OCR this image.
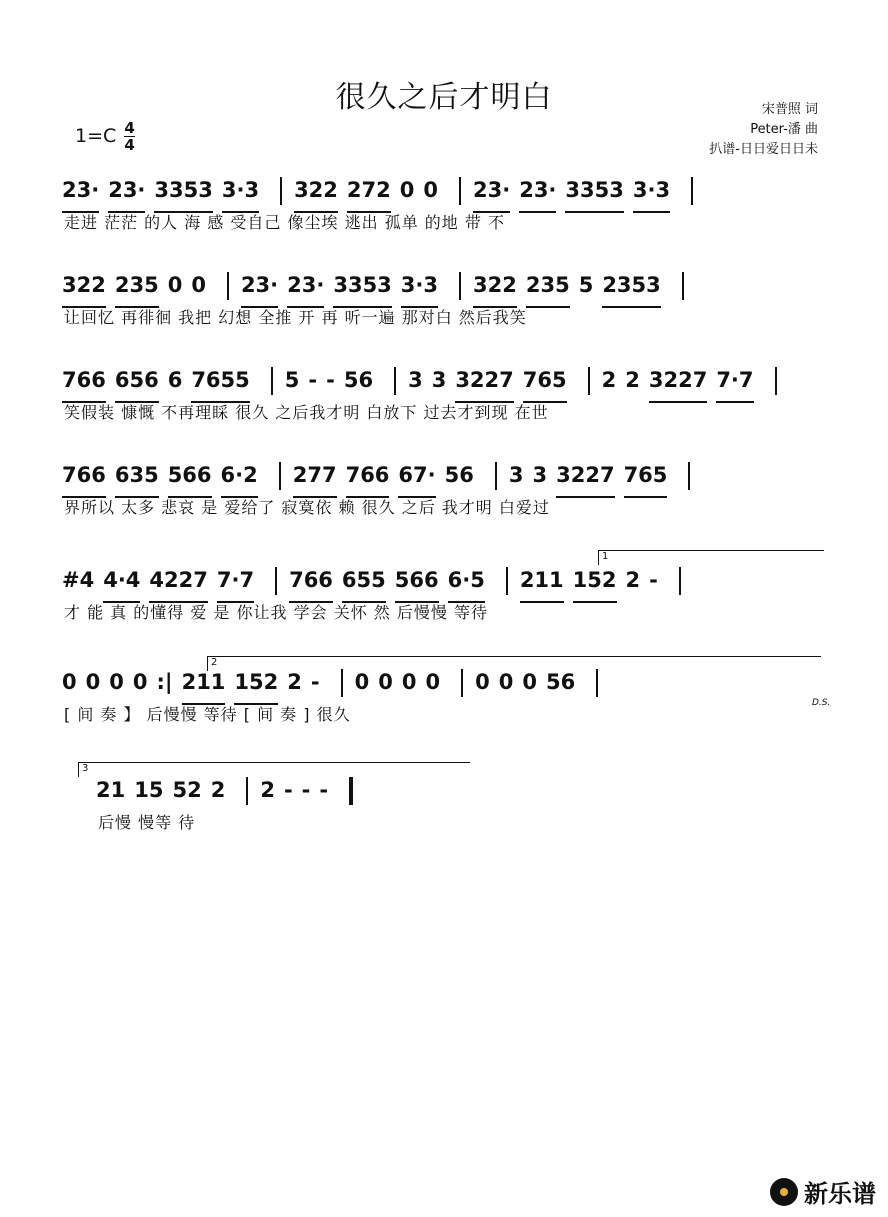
很久之后才明白	宋普照 词
Peter-潘 曲
扒谱-日日爱日日未
$1=C \frac{4}{4}$
23· 23· 3353 3·3 322 272 0 0 23· 23· 3353 3·3
走进 茫茫 的人 海 感 受自己 像尘埃 逃出 孤单 的地 带 不
322 235 0 0 23· 23· 3353 3·3 322 235 5 2353
让回忆 再徘徊 我把 幻想 全推 开 再 听一遍 那对白 然后我笑
766 656 6 7655 5 - - 56 3 3 3227 765 2 2 3227 7·7
笑假装 慷慨 不再理睬 很久 之后我才明 白放下 过去才到现 在世
766 635 566 6·2 277 766 67· 56 3 3 3227 765
界所以 太多 悲哀 是 爱给了 寂寞依 赖 很久 之后 我才明 白爱过
1
#4 4·4 4227 7·7 766 655 566 6·5 211 152 2 -
才 能 真 的懂得 爱 是 你让我 学会 关怀 然 后慢慢 等待
2
0 0 0 0 :| 211 152 2 - 0 0 0 0 0 0 0 56
[ 间 奏 】 后慢慢 等待 [ 间 奏 ] 很久
D.S.
3
21 15 52 2 2 - - -
后慢 慢等 待
新乐谱
